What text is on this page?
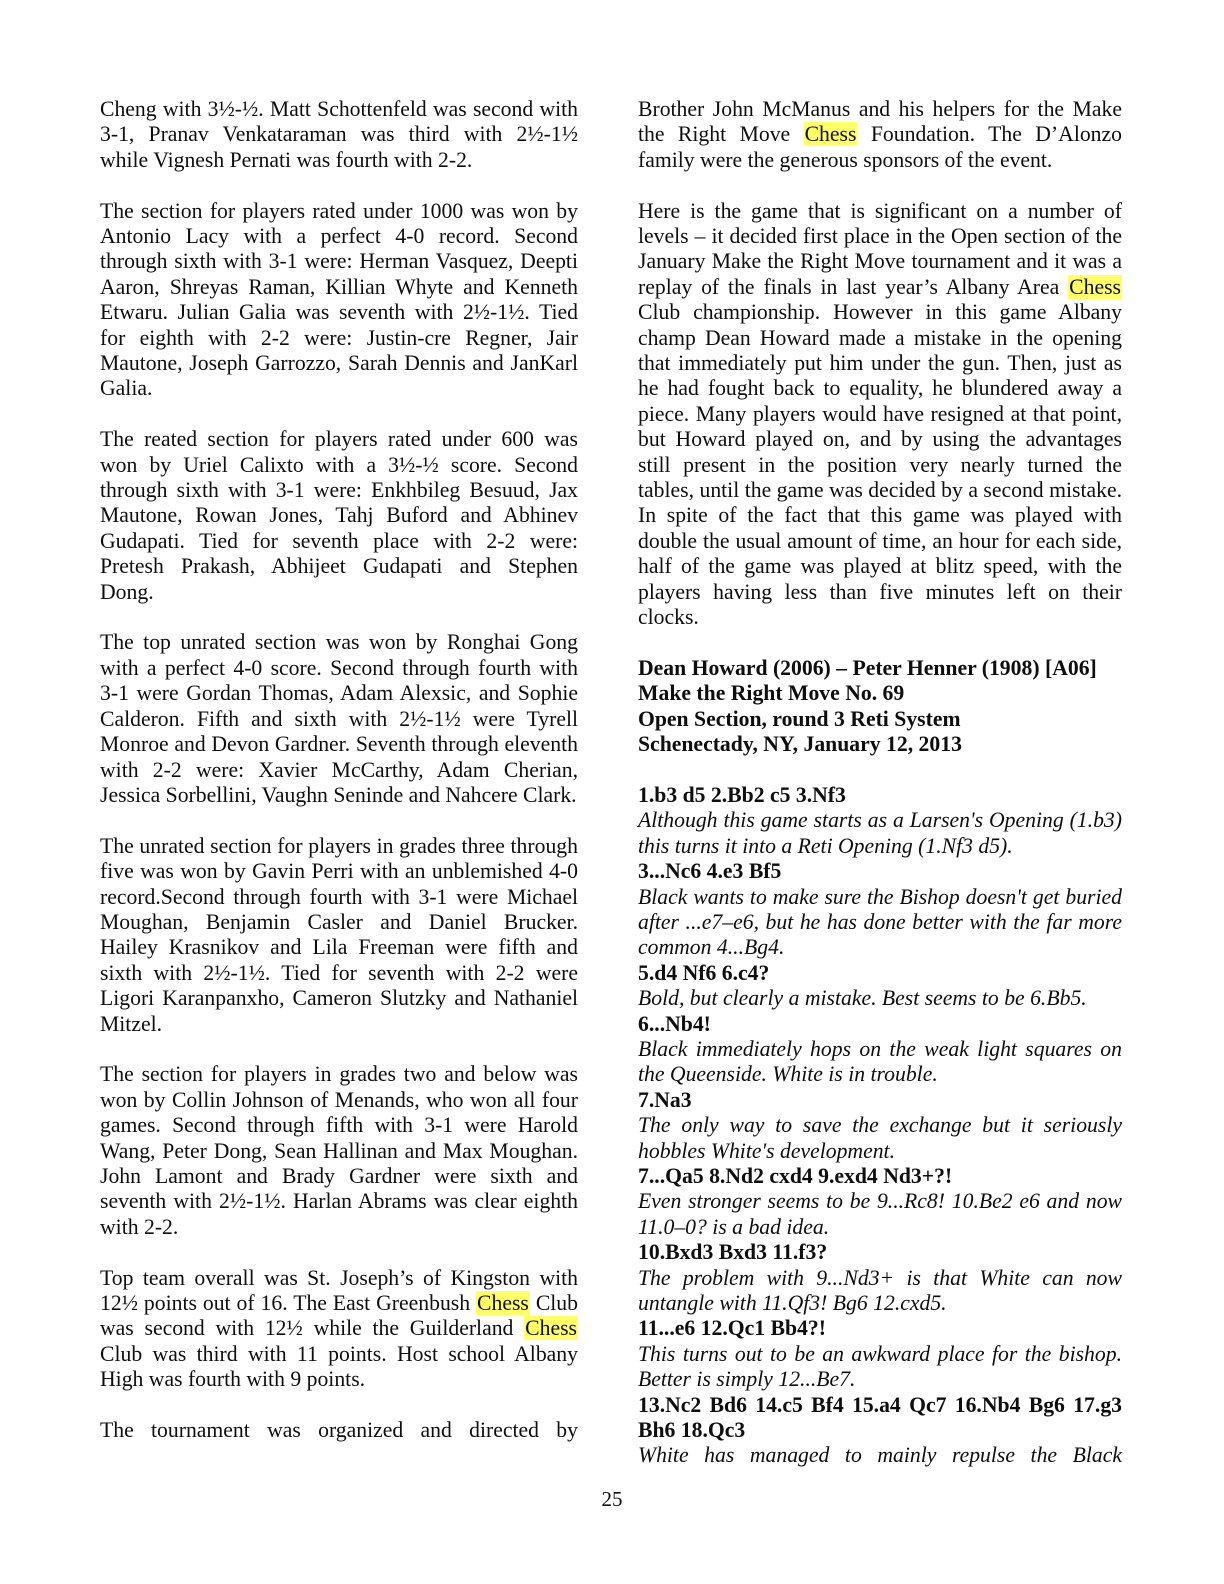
Cheng with 3½-½. Matt Schottenfeld was second with 3-1, Pranav Venkataraman was third with 2½-1½ while Vignesh Pernati was fourth with 2-2.
The section for players rated under 1000 was won by Antonio Lacy with a perfect 4-0 record. Second through sixth with 3-1 were: Herman Vasquez, Deepti Aaron, Shreyas Raman, Killian Whyte and Kenneth Etwaru. Julian Galia was seventh with 2½-1½. Tied for eighth with 2-2 were: Justin-cre Regner, Jair Mautone, Joseph Garrozzo, Sarah Dennis and JanKarl Galia.
The reated section for players rated under 600 was won by Uriel Calixto with a 3½-½ score. Second through sixth with 3-1 were: Enkhbileg Besuud, Jax Mautone, Rowan Jones, Tahj Buford and Abhinev Gudapati. Tied for seventh place with 2-2 were: Pretesh Prakash, Abhijeet Gudapati and Stephen Dong.
The top unrated section was won by Ronghai Gong with a perfect 4-0 score. Second through fourth with 3-1 were Gordan Thomas, Adam Alexsic, and Sophie Calderon. Fifth and sixth with 2½-1½ were Tyrell Monroe and Devon Gardner. Seventh through eleventh with 2-2 were: Xavier McCarthy, Adam Cherian, Jessica Sorbellini, Vaughn Seninde and Nahcere Clark.
The unrated section for players in grades three through five was won by Gavin Perri with an unblemished 4-0 record.Second through fourth with 3-1 were Michael Moughan, Benjamin Casler and Daniel Brucker. Hailey Krasnikov and Lila Freeman were fifth and sixth with 2½-1½. Tied for seventh with 2-2 were Ligori Karanpanxho, Cameron Slutzky and Nathaniel Mitzel.
The section for players in grades two and below was won by Collin Johnson of Menands, who won all four games. Second through fifth with 3-1 were Harold Wang, Peter Dong, Sean Hallinan and Max Moughan. John Lamont and Brady Gardner were sixth and seventh with 2½-1½. Harlan Abrams was clear eighth with 2-2.
Top team overall was St. Joseph’s of Kingston with 12½ points out of 16. The East Greenbush Chess Club was second with 12½ while the Guilderland Chess Club was third with 11 points. Host school Albany High was fourth with 9 points.
The tournament was organized and directed by
Brother John McManus and his helpers for the Make the Right Move Chess Foundation. The D’Alonzo family were the generous sponsors of the event.
Here is the game that is significant on a number of levels – it decided first place in the Open section of the January Make the Right Move tournament and it was a replay of the finals in last year’s Albany Area Chess Club championship. However in this game Albany champ Dean Howard made a mistake in the opening that immediately put him under the gun. Then, just as he had fought back to equality, he blundered away a piece. Many players would have resigned at that point, but Howard played on, and by using the advantages still present in the position very nearly turned the tables, until the game was decided by a second mistake. In spite of the fact that this game was played with double the usual amount of time, an hour for each side, half of the game was played at blitz speed, with the players having less than five minutes left on their clocks.
Dean Howard (2006) – Peter Henner (1908) [A06]
Make the Right Move No. 69
Open Section, round 3 Reti System
Schenectady, NY, January 12, 2013
1.b3 d5 2.Bb2 c5 3.Nf3
Although this game starts as a Larsen's Opening (1.b3) this turns it into a Reti Opening (1.Nf3 d5).
3...Nc6 4.e3 Bf5
Black wants to make sure the Bishop doesn't get buried after ...e7–e6, but he has done better with the far more common 4...Bg4.
5.d4 Nf6 6.c4?
Bold, but clearly a mistake. Best seems to be 6.Bb5.
6...Nb4!
Black immediately hops on the weak light squares on the Queenside. White is in trouble.
7.Na3
The only way to save the exchange but it seriously hobbles White's development.
7...Qa5 8.Nd2 cxd4 9.exd4 Nd3+?!
Even stronger seems to be 9...Rc8! 10.Be2 e6 and now 11.0–0? is a bad idea.
10.Bxd3 Bxd3 11.f3?
The problem with 9...Nd3+ is that White can now untangle with 11.Qf3! Bg6 12.cxd5.
11...e6 12.Qc1 Bb4?!
This turns out to be an awkward place for the bishop. Better is simply 12...Be7.
13.Nc2 Bd6 14.c5 Bf4 15.a4 Qc7 16.Nb4 Bg6 17.g3 Bh6 18.Qc3
White has managed to mainly repulse the Black
25
